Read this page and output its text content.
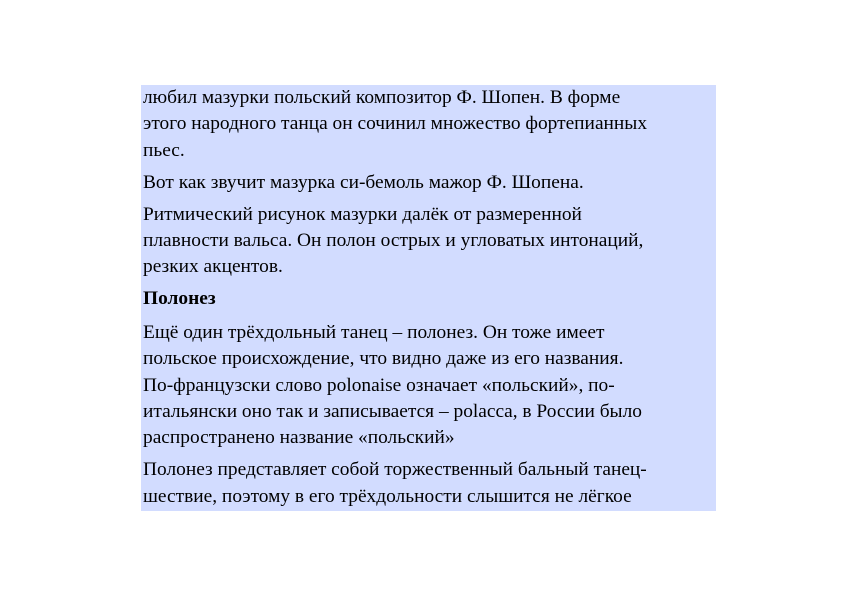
любил мазурки польский композитор Ф. Шопен. В форме
этого народного танца он сочинил множество фортепианных
пьес.

Вот как звучит мазурка си-бемоль мажор Ф. Шопена.

Ритмический рисунок мазурки далёк от размеренной
плавности вальса. Он полон острых и угловатых интонаций,
резких акцентов.

Полонез

Ещё один трёхдольный танец – полонез. Он тоже имеет
польское происхождение, что видно даже из его названия.
По-французски слово polonaise означает «польский», по-
итальянски оно так и записывается – polacca, в России было
распространено название «польский»

Полонез представляет собой торжественный бальный танец-
шествие, поэтому в его трёхдольности слышится не лёгкое
